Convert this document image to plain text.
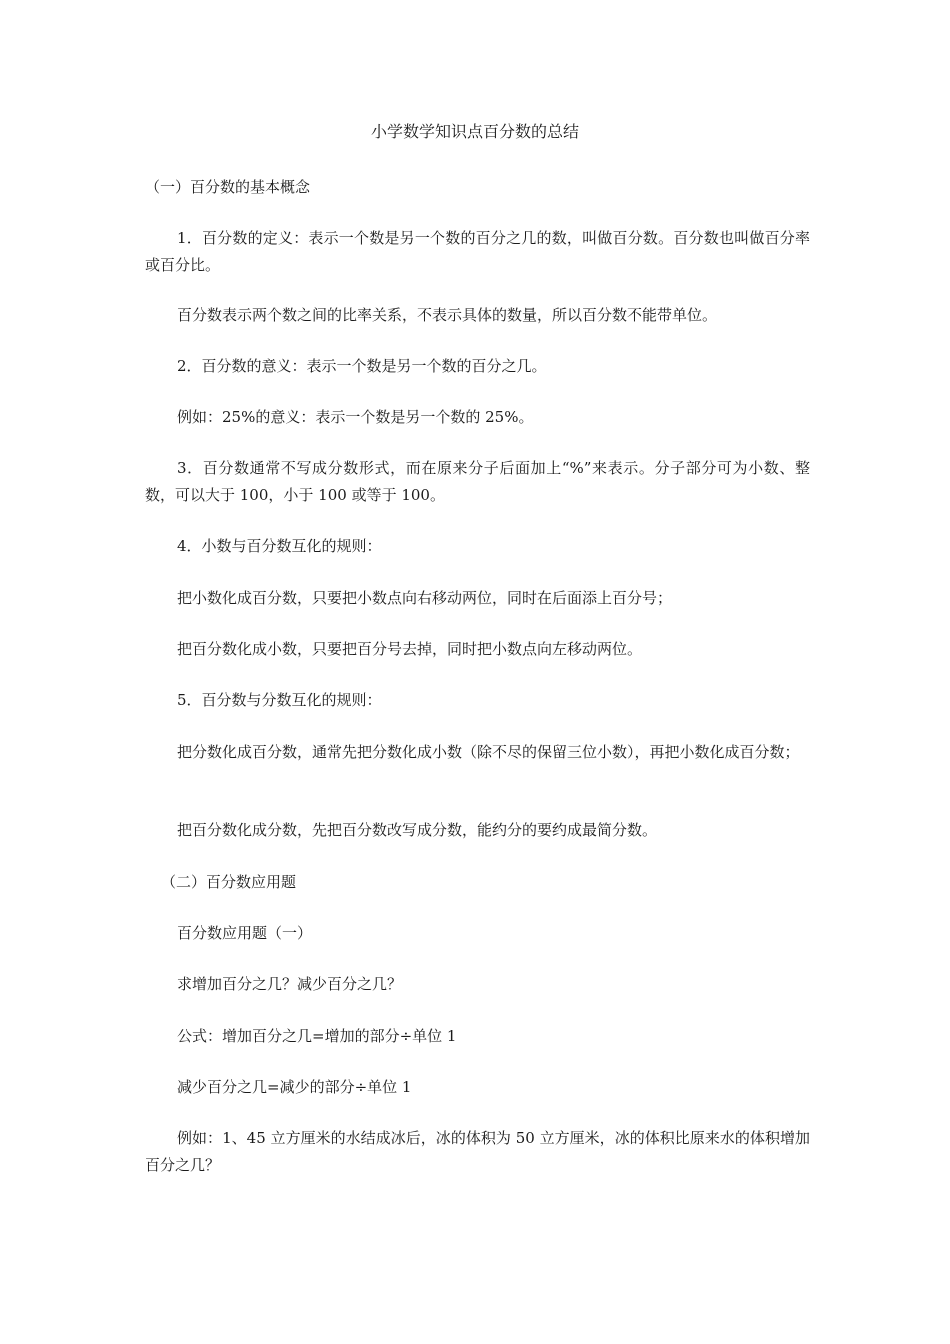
小学数学知识点百分数的总结

（一）百分数的基本概念

1．百分数的定义：表示一个数是另一个数的百分之几的数，叫做百分数。百分数也叫做百分率或百分比。

百分数表示两个数之间的比率关系，不表示具体的数量，所以百分数不能带单位。

2．百分数的意义：表示一个数是另一个数的百分之几。

例如：25%的意义：表示一个数是另一个数的 25%。

3．百分数通常不写成分数形式，而在原来分子后面加上“%”来表示。分子部分可为小数、整数，可以大于 100，小于 100 或等于 100。

4．小数与百分数互化的规则：

把小数化成百分数，只要把小数点向右移动两位，同时在后面添上百分号；

把百分数化成小数，只要把百分号去掉，同时把小数点向左移动两位。

5．百分数与分数互化的规则：

把分数化成百分数，通常先把分数化成小数（除不尽的保留三位小数），再把小数化成百分数；

把百分数化成分数，先把百分数改写成分数，能约分的要约成最简分数。

（二）百分数应用题

百分数应用题（一）

求增加百分之几？减少百分之几？

公式：增加百分之几=增加的部分÷单位 1

减少百分之几=减少的部分÷单位 1

例如：1、45 立方厘米的水结成冰后，冰的体积为 50 立方厘米，冰的体积比原来水的体积增加百分之几？
